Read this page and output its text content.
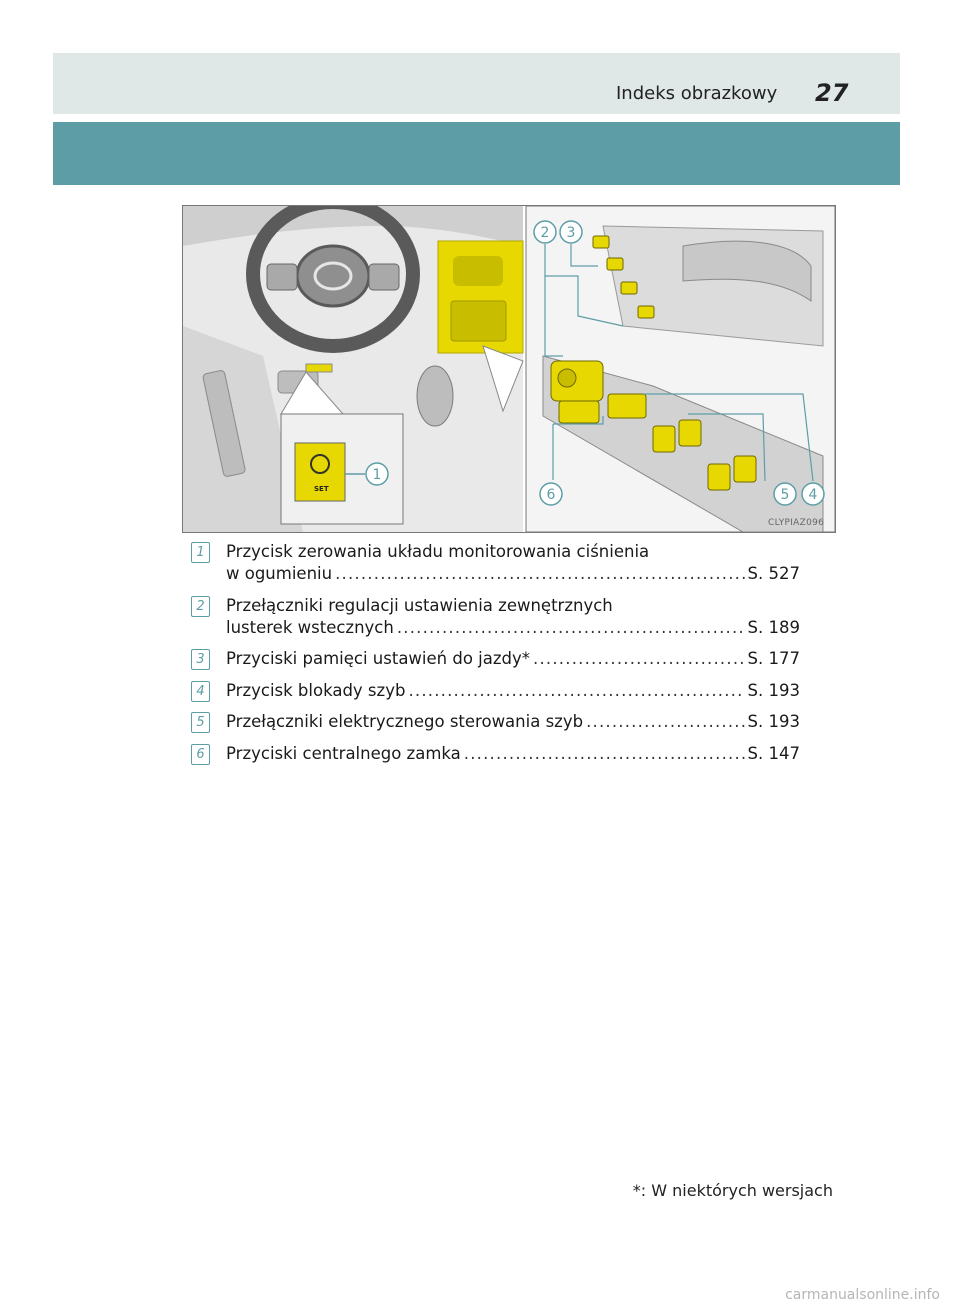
Indeks obrazkowy 27
SET
1
2 3
4
5
6
CLYPIAZ096
1	Przycisk zerowania układu monitorowania ciśnienia
w ogumieniu .....	S. 527
2	Przełączniki regulacji ustawienia zewnętrznych
lusterek wstecznych .....	S. 189
3	Przyciski pamięci ustawień do jazdy* .....	S. 177
4	Przycisk blokady szyb .....	S. 193
5	Przełączniki elektrycznego sterowania szyb .....	S. 193
6	Przyciski centralnego zamka .....	S. 147
*: W niektórych wersjach
carmanualsonline.info
